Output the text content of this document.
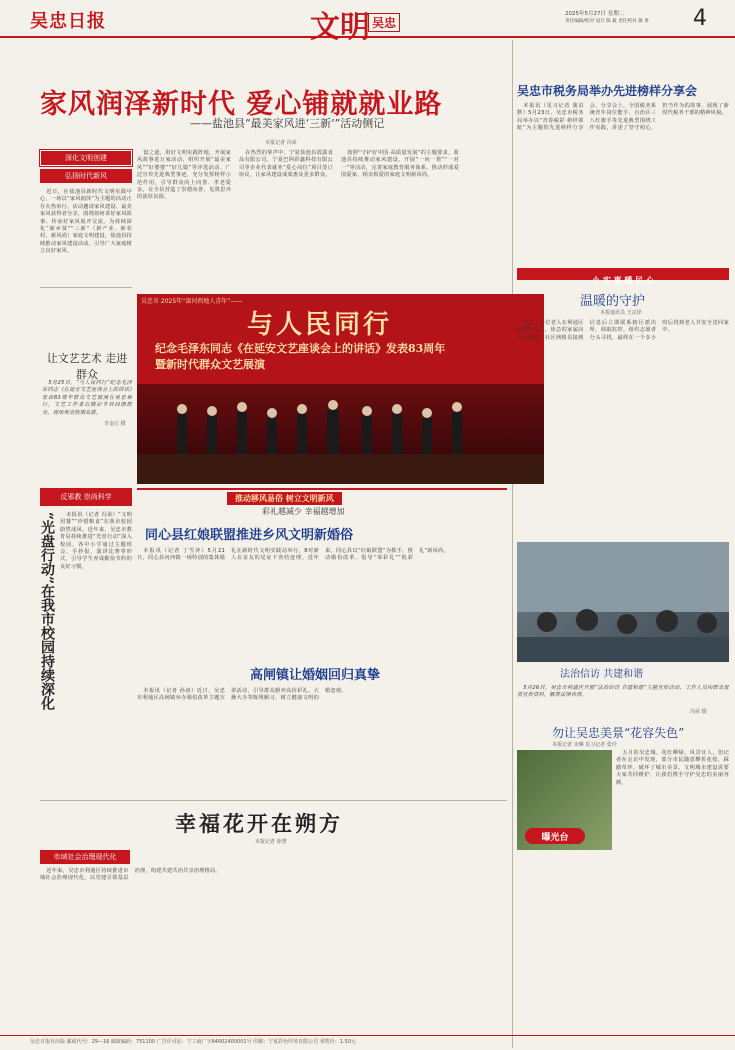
吴忠日报	文明 吴忠
2025年5月27日 星期二
责任编辑/校对 设计 陈 筱 责任校对 蒲 勇 4
家风润泽新时代 爱心铺就就业路
——盐池县“最美家风进‘三新’”活动侧记
本报记者 冯荣
深化文明创建
弘扬时代新风

近日，在盐池县新时代文明实践中心，一场以“家风润泽”为主题的活动正在火热举行，活动邀请家风建设、最美家风获得者分享，围绕如何讲好家风故事、传承好家风展开交流。为持续深化“新乡贤”“三新”（新产业、新农村、新风尚）家庭文明建设，盐池县持续推动家风建设活动，引导广大家庭树立良好家风。

设之道，用好文明实践阵地，开展家风故事进万家活动，组织开展“最美家风”“好婆婆”“好儿媳”等评选活动，广泛宣传先进典型事迹，充分发挥榜样示范作用，引导群众向上向善、孝老爱亲，在全县营造了崇德向善、见贤思齐的浓厚氛围。

在热烈的掌声中，宁夏盐池县霞露食品有限公司、宁夏巴阿彩鑫科技有限公司等企业代表就业“爱心岗位”项目签订协议，让家风建设成果惠及更多群众。

按照“守护好中国·高质量发展”的主题要求，盐池县持续推动家风建设，开展“一问一帮”“一对一”等活动，完善家庭教育服务体系，推动形成爱国爱家、相亲相爱的家庭文明新风尚。

吴忠市税务局举办先进榜样分享会

本报讯（见习记者 蒲泊默）5月23日，吴忠市税务局举办以“青春税彩 榜样领航”为主题的先进榜样分享会。分享会上，全国税务系统青年岗位能手、自治区三八红旗手等先进典型围绕工作实践，讲述了坚守初心、担当作为的故事，展现了新时代税务干部的精神风貌。

吴忠市 2025年“深河西地人青年”——
与人民同行
纪念毛泽东同志《在延安文艺座谈会上的讲话》发表83周年
暨新时代群众文艺展演
让文艺艺术 走进群众

5月25日，“与人民同行”纪念毛泽东同志《在延安文艺座谈会上的讲话》发表83周年群众文艺展演在吴忠举行，文艺工作者以精彩节目回馈群众，现场观众热情高涨。

李金让 摄
反邪教 崇尚科学
“光盘行动”在我市校园持续深化	本报讯（记者 冯荣）“文明用餐”“珍惜粮食”在我市校园蔚然成风。近年来，吴忠市教育局持续推进“光盘行动”深入校园，各中小学通过主题班会、手抄报、演讲比赛等形式，引导学生养成勤俭节约的良好习惯。

推动移风易俗 树立文明新风
彩礼越减少 幸福越增加
同心县红娘联盟推进乡风文明新婚俗

本报讯（记者 丁雪萍）5月21日，同心县河西镇一场特别的集体婚礼在新时代文明实践站举行，8对新人在亲友的见证下喜结连理。近年来，同心县以“红娘联盟”为抓手，推动婚俗改革，倡导“零彩礼”“低彩礼”新风尚。

高闸镇让婚姻回归真挚

本报讯（记者 孙涛）近日，吴忠市利通区高闸镇举办婚俗改革主题宣讲活动，引导群众摒弃高价彩礼、大操大办等陈规陋习，树立健康文明的婚恋观。

小 实 事 暖 民 心
温暖的守护
本报通讯员 王宗泽

近日，一位老人在利通区某商场走失，焦急的家属向社区求助。社区网格员接到信息后立即联系辖区派出所，调取监控，组织志愿者分头寻找，最终在一个多小时后找到老人并安全送回家中。

法治信访 共建和谐

5月26日，吴忠市利通区开展“法治信访 共建和谐”主题宣传活动，工作人员向群众发放宣传资料，解答法律咨询。

冯荣 摄
勿让吴忠美景“花容失色”
本报记者 宋琳 见习记者 张玲
曝光台

五月的吴忠城，花红柳绿，风景宜人，但记者在走访中发现，部分市民随意攀折花枝、踩踏草坪，破坏了城市美景。文明城市建设需要大家共同维护，让我们携手守护吴忠的美丽容颜。

幸福花开在朔方
本报记者 徐慧
市域社会治理现代化

近年来，吴忠市利通区持续推进市域社会治理现代化，以党建引领基层治理，构建共建共治共享治理格局。

吴忠日报社出版 邮政代号：29—16 邮政编码：751100 广告许可证：宁工商广字64002400001号 印刷：宁夏彩色印务有限公司 零售价：1.50元
